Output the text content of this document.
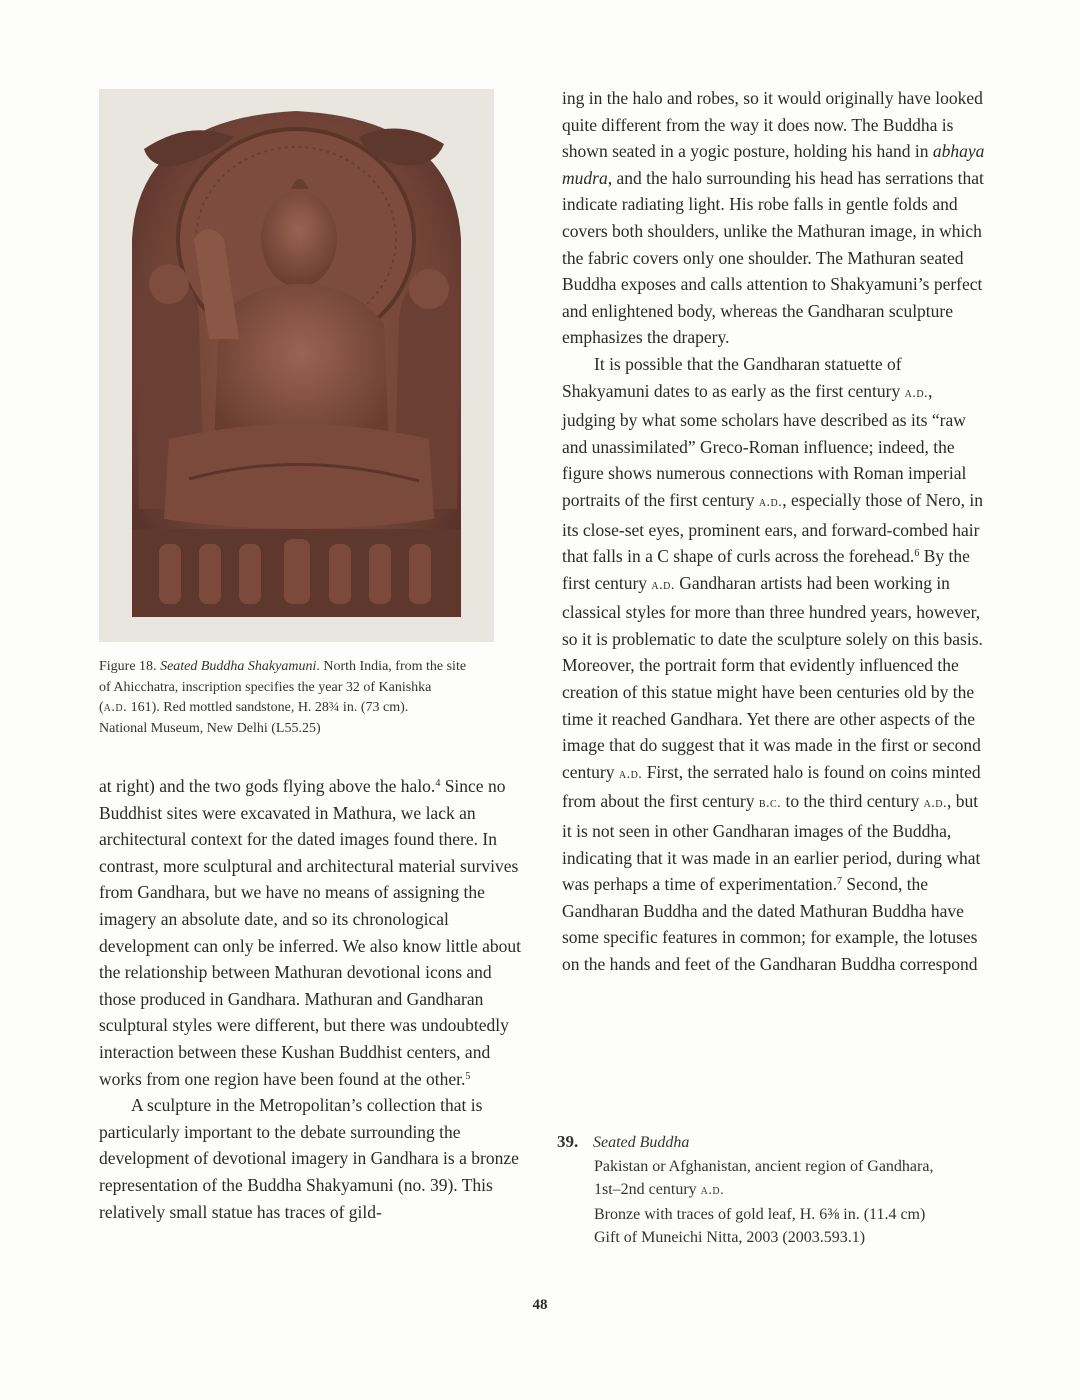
Figure 18. Seated Buddha Shakyamuni. North India, from the site

of Ahicchatra, inscription specifies the year 32 of Kanishka

(a.d. 161). Red mottled sandstone, H. 28¾ in. (73 cm).

National Museum, New Delhi (L55.25)

at right) and the two gods flying above the halo.$^4$ Since no Buddhist sites were excavated in Mathura, we lack an architectural context for the dated images found there. In contrast, more sculptural and architectural material survives from Gandhara, but we have no means of assigning the imagery an absolute date, and so its chronological development can only be inferred. We also know little about the relationship between Mathuran devotional icons and those produced in Gandhara. Mathuran and Gandharan sculptural styles were different, but there was undoubtedly interaction between these Kushan Buddhist centers, and works from one region have been found at the other.$^5$

A sculpture in the Metropolitan’s collection that is particularly important to the debate surrounding the development of devotional imagery in Gandhara is a bronze representation of the Buddha Shakyamuni (no. 39). This relatively small statue has traces of gild-

ing in the halo and robes, so it would originally have looked quite different from the way it does now. The Buddha is shown seated in a yogic posture, holding his hand in abhaya mudra, and the halo surrounding his head has serrations that indicate radiating light. His robe falls in gentle folds and covers both shoulders, unlike the Mathuran image, in which the fabric covers only one shoulder. The Mathuran seated Buddha exposes and calls attention to Shakyamuni’s perfect and enlightened body, whereas the Gandharan sculpture emphasizes the drapery.

It is possible that the Gandharan statuette of Shakyamuni dates to as early as the first century a.d., judging by what some scholars have described as its “raw and unassimilated” Greco-Roman influence; indeed, the figure shows numerous connections with Roman imperial portraits of the first century a.d., especially those of Nero, in its close-set eyes, prominent ears, and forward-combed hair that falls in a C shape of curls across the forehead.$^6$ By the first century a.d. Gandharan artists had been working in classical styles for more than three hundred years, however, so it is problematic to date the sculpture solely on this basis. Moreover, the portrait form that evidently influenced the creation of this statue might have been centuries old by the time it reached Gandhara. Yet there are other aspects of the image that do suggest that it was made in the first or second century a.d. First, the serrated halo is found on coins minted from about the first century b.c. to the third century a.d., but it is not seen in other Gandharan images of the Buddha, indicating that it was made in an earlier period, during what was perhaps a time of experimentation.$^7$ Second, the Gandharan Buddha and the dated Mathuran Buddha have some specific features in common; for example, the lotuses on the hands and feet of the Gandharan Buddha correspond

39. Seated Buddha
Pakistan or Afghanistan, ancient region of Gandhara,
1st–2nd century a.d.
Bronze with traces of gold leaf, H. 6⅜ in. (11.4 cm)
Gift of Muneichi Nitta, 2003 (2003.593.1)
48
